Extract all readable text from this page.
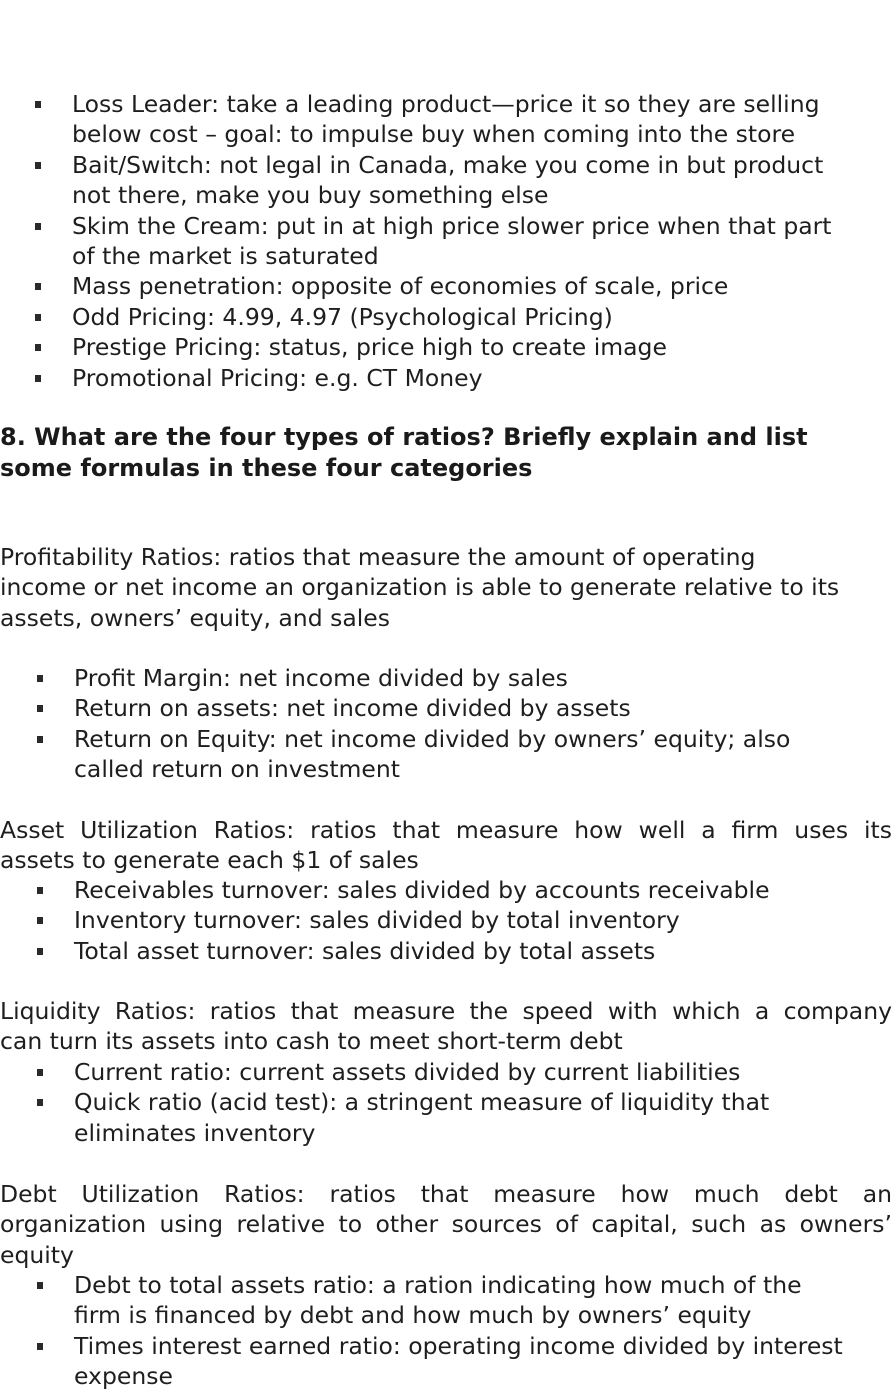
Loss Leader: take a leading product—price it so they are selling
below cost – goal: to impulse buy when coming into the store
Bait/Switch: not legal in Canada, make you come in but product
not there, make you buy something else
Skim the Cream: put in at high price slower price when that part
of the market is saturated
Mass penetration: opposite of economies of scale, price
Odd Pricing: 4.99, 4.97 (Psychological Pricing)
Prestige Pricing: status, price high to create image
Promotional Pricing: e.g. CT Money
8. What are the four types of ratios? Briefly explain and list
some formulas in these four categories

Profitability Ratios: ratios that measure the amount of operating
income or net income an organization is able to generate relative to its
assets, owners’ equity, and sales

Profit Margin: net income divided by sales
Return on assets: net income divided by assets
Return on Equity: net income divided by owners’ equity; also
called return on investment

Asset Utilization Ratios: ratios that measure how well a firm uses its
assets to generate each $1 of sales

Receivables turnover: sales divided by accounts receivable
Inventory turnover: sales divided by total inventory
Total asset turnover: sales divided by total assets

Liquidity Ratios: ratios that measure the speed with which a company
can turn its assets into cash to meet short-term debt

Current ratio: current assets divided by current liabilities
Quick ratio (acid test): a stringent measure of liquidity that
eliminates inventory

Debt Utilization Ratios: ratios that measure how much debt an
organization using relative to other sources of capital, such as owners’
equity

Debt to total assets ratio: a ration indicating how much of the
firm is financed by debt and how much by owners’ equity
Times interest earned ratio: operating income divided by interest
expense
